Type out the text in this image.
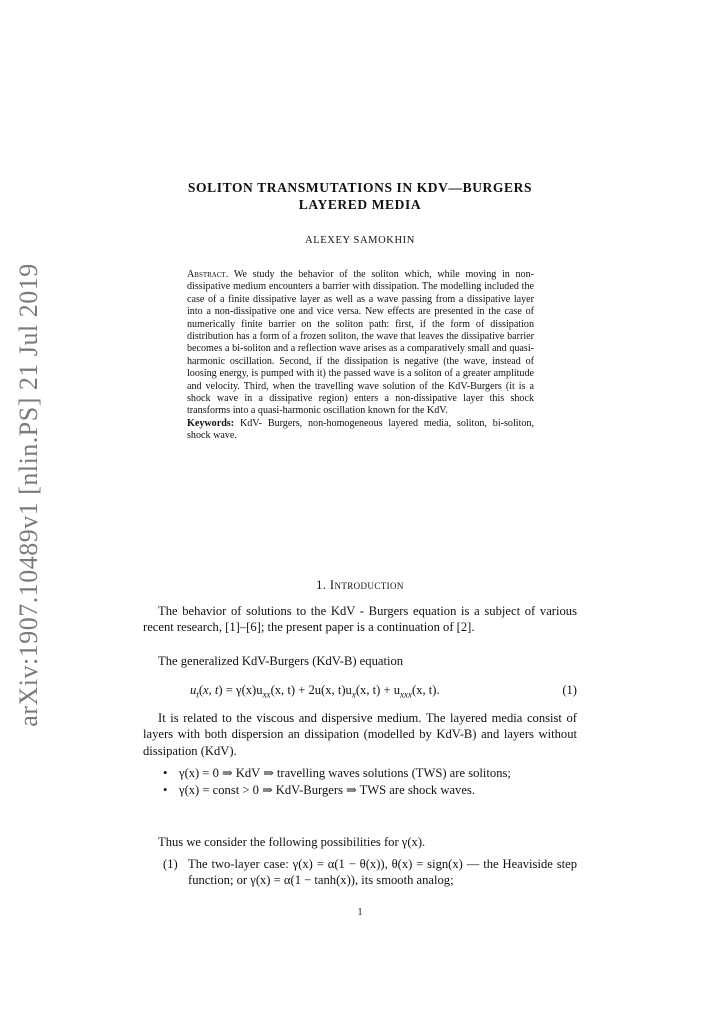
arXiv:1907.10489v1 [nlin.PS] 21 Jul 2019
SOLITON TRANSMUTATIONS IN KDV—BURGERS
LAYERED MEDIA
ALEXEY SAMOKHIN
Abstract. We study the behavior of the soliton which, while moving in non-dissipative medium encounters a barrier with dissipation. The modelling included the case of a finite dissipative layer as well as a wave passing from a dissipative layer into a non-dissipative one and vice versa. New effects are presented in the case of numerically finite barrier on the soliton path: first, if the form of dissipation distribution has a form of a frozen soliton, the wave that leaves the dissipative barrier becomes a bi-soliton and a reflection wave arises as a comparatively small and quasi-harmonic oscillation. Second, if the dissipation is negative (the wave, instead of loosing energy, is pumped with it) the passed wave is a soliton of a greater amplitude and velocity. Third, when the travelling wave solution of the KdV-Burgers (it is a shock wave in a dissipative region) enters a non-dissipative layer this shock transforms into a quasi-harmonic oscillation known for the KdV.
Keywords: KdV- Burgers, non-homogeneous layered media, soliton, bi-soliton, shock wave.
1. Introduction
The behavior of solutions to the KdV - Burgers equation is a subject of various recent research, [1]–[6]; the present paper is a continuation of [2].
The generalized KdV-Burgers (KdV-B) equation
$u_t(x$, $t) = \gamma(x)u_{xx}(x$, t) + 2u(x, $t)u_x(x$, $t) + u_{xxx}(x$, t).	(1)
It is related to the viscous and dispersive medium. The layered media consist of layers with both dispersion an dissipation (modelled by KdV-B) and layers without dissipation (KdV).
• γ(x) = 0 ⇒ KdV ⇒ travelling waves solutions (TWS) are solitons;
• γ(x) = const > 0 ⇒ KdV-Burgers ⇒ TWS are shock waves.
Thus we consider the following possibilities for γ(x).
(1) The two-layer case: γ(x) = α(1 − θ(x)), θ(x) = sign(x) — the Heaviside step function; or γ(x) = α(1 − tanh(x)), its smooth analog;
1
